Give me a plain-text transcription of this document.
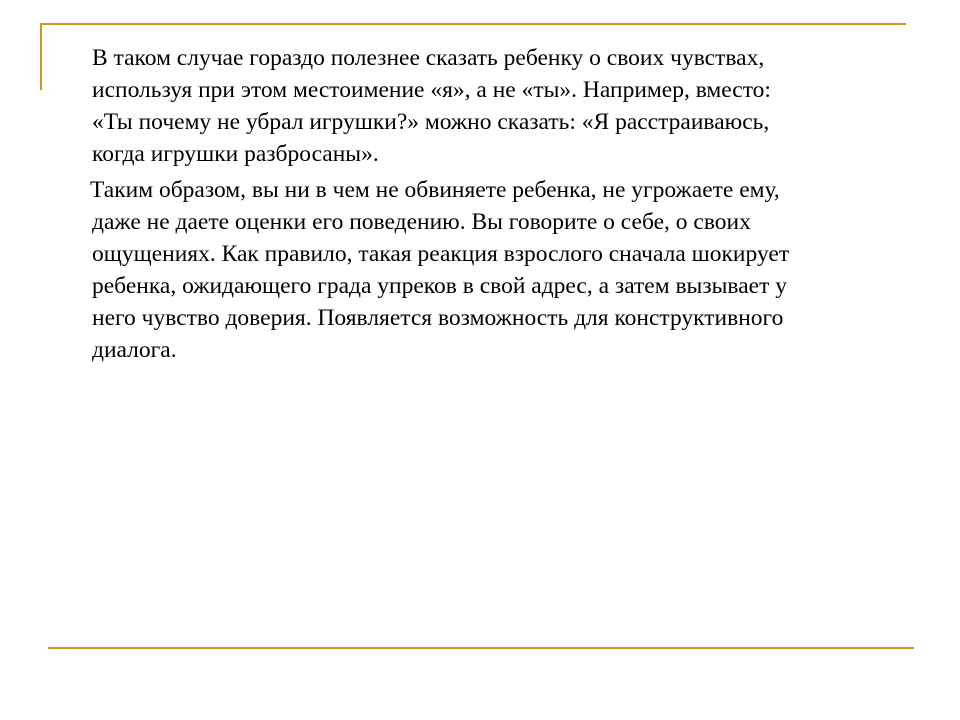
В таком случае гораздо полезнее сказать ребенку о своих чувствах,
используя при этом местоимение «я», а не «ты». Например, вместо:
«Ты почему не убрал игрушки?» можно сказать: «Я расстраиваюсь,
когда игрушки разбросаны».

Таким образом, вы ни в чем не обвиняете ребенка, не угрожаете ему,
даже не даете оценки его поведению. Вы говорите о себе, о своих
ощущениях. Как правило, такая реакция взрослого сначала шокирует
ребенка, ожидающего града упреков в свой адрес, а затем вызывает у
него чувство доверия. Появляется возможность для конструктивного
диалога.
